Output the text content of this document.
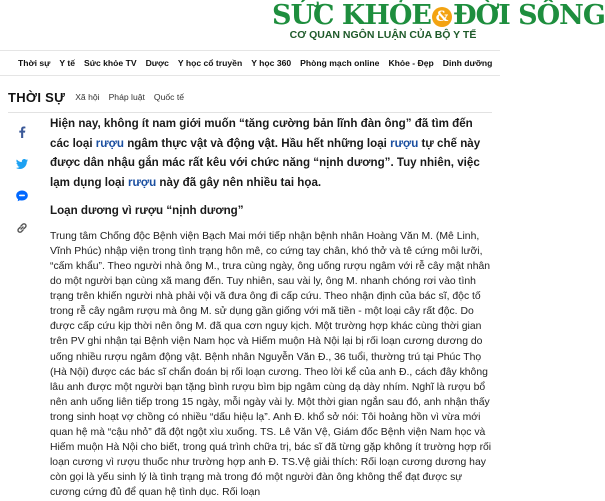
SỨC KHỎE & ĐỜI SỐNG
CƠ QUAN NGÔN LUẬN CỦA BỘ Y TẾ
Thời sự Y tế Sức khỏe TV Dược Y học cổ truyền Y học 360 Phòng mạch online Khỏe - Đẹp Dinh dưỡng
THỜI SỰ Xã hội Pháp luật Quốc tế

Hiện nay, không ít nam giới muốn “tăng cường bản lĩnh đàn ông” đã tìm đến các loại rượu ngâm thực vật và động vật. Hầu hết những loại rượu tự chế này được dân nhậu gắn mác rất kêu với chức năng “nịnh dương”. Tuy nhiên, việc lạm dụng loại rượu này đã gây nên nhiều tai họa.

Loạn dương vì rượu “nịnh dương”

Trung tâm Chống độc Bệnh viện Bạch Mai mới tiếp nhận bệnh nhân Hoàng Văn M. (Mê Linh, Vĩnh Phúc) nhập viện trong tình trạng hôn mê, co cứng tay chân, khó thở và tê cứng môi lưỡi, “cấm khẩu”. Theo người nhà ông M., trưa cùng ngày, ông uống rượu ngâm với rễ cây mật nhân do một người bạn cùng xã mang đến. Tuy nhiên, sau vài ly, ông M. nhanh chóng rơi vào tình trạng trên khiến người nhà phải vội vã đưa ông đi cấp cứu. Theo nhận định của bác sĩ, độc tố trong rễ cây ngâm rượu mà ông M. sử dụng gần giống với mã tiền - một loại cây rất độc. Do được cấp cứu kịp thời nên ông M. đã qua cơn nguy kịch. Một trường hợp khác cùng thời gian trên PV ghi nhận tại Bệnh viện Nam học và Hiếm muộn Hà Nội lại bị rối loạn cương dương do uống nhiều rượu ngâm động vật. Bệnh nhân Nguyễn Văn Đ., 36 tuổi, thường trú tại Phúc Thọ (Hà Nội) được các bác sĩ chẩn đoán bị rối loạn cương. Theo lời kể của anh Đ., cách đây không lâu anh được một người bạn tặng bình rượu bìm bịp ngâm cùng dạ dày nhím. Nghĩ là rượu bổ nên anh uống liên tiếp trong 15 ngày, mỗi ngày vài ly. Một thời gian ngắn sau đó, anh nhận thấy trong sinh hoạt vợ chồng có nhiều “dấu hiệu lạ”. Anh Đ. khổ sở nói: Tôi hoảng hồn vì vừa mới quan hệ mà “cậu nhỏ” đã đột ngột xìu xuống. TS. Lê Văn Vệ, Giám đốc Bệnh viện Nam học và Hiếm muộn Hà Nội cho biết, trong quá trình chữa trị, bác sĩ đã từng gặp không ít trường hợp rối loạn cương vì rượu thuốc như trường hợp anh Đ. TS.Vệ giải thích: Rối loạn cương dương hay còn gọi là yếu sinh lý là tình trạng mà trong đó một người đàn ông không thể đạt được sự cương cứng đủ để quan hệ tình dục. Rối loạn
